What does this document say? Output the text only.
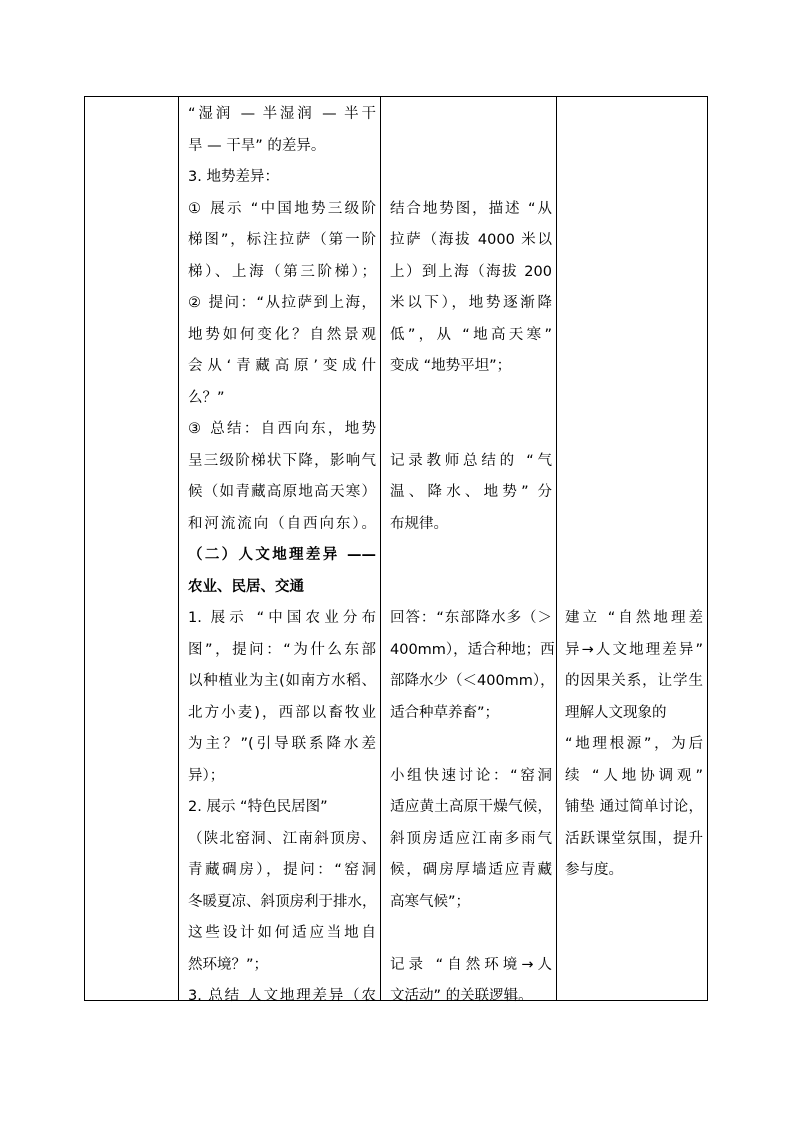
“湿润 — 半湿润 — 半干
旱 — 干旱” 的差异。
3. 地势差异：
① 展示 “中国地势三级阶
梯图”，标注拉萨（第一阶
梯）、上海（第三阶梯）；
② 提问：“从拉萨到上海，
地势如何变化？自然景观
会从‘青藏高原’变成什
么？”
③ 总结：自西向东，地势
呈三级阶梯状下降，影响气
候（如青藏高原地高天寒）
和河流流向（自西向东）。
（二）人文地理差异 ——
农业、民居、交通
1. 展示 “中国农业分布
图”，提问：“为什么东部
以种植业为主(如南方水稻、
北方小麦)，西部以畜牧业
为主？”(引导联系降水差
异）；
2. 展示 “特色民居图”
（陕北窑洞、江南斜顶房、
青藏碉房），提问：“窑洞
冬暖夏凉、斜顶房利于排水，
这些设计如何适应当地自
然环境？”；
3. 总结 人文地理差异（农
结合地势图，描述 “从
拉萨（海拔 4000 米以
上）到上海（海拔 200
米以下），地势逐渐降
低”，从 “地高天寒”
变成 “地势平坦”；
记录教师总结的 “气
温、降水、地势” 分
布规律。
回答：“东部降水多（＞
400mm），适合种地；西
部降水少（＜400mm），
适合种草养畜”；
小组快速讨论：“窑洞
适应黄土高原干燥气候，
斜顶房适应江南多雨气
候，碉房厚墙适应青藏
高寒气候”；
记录 “自然环境→人
文活动” 的关联逻辑。
建立 “自然地理差
异→人文地理差异”
的因果关系，让学生
理解人文现象的
“地理根源”，为后
续 “人地协调观”
铺垫 通过简单讨论，
活跃课堂氛围，提升
参与度。
